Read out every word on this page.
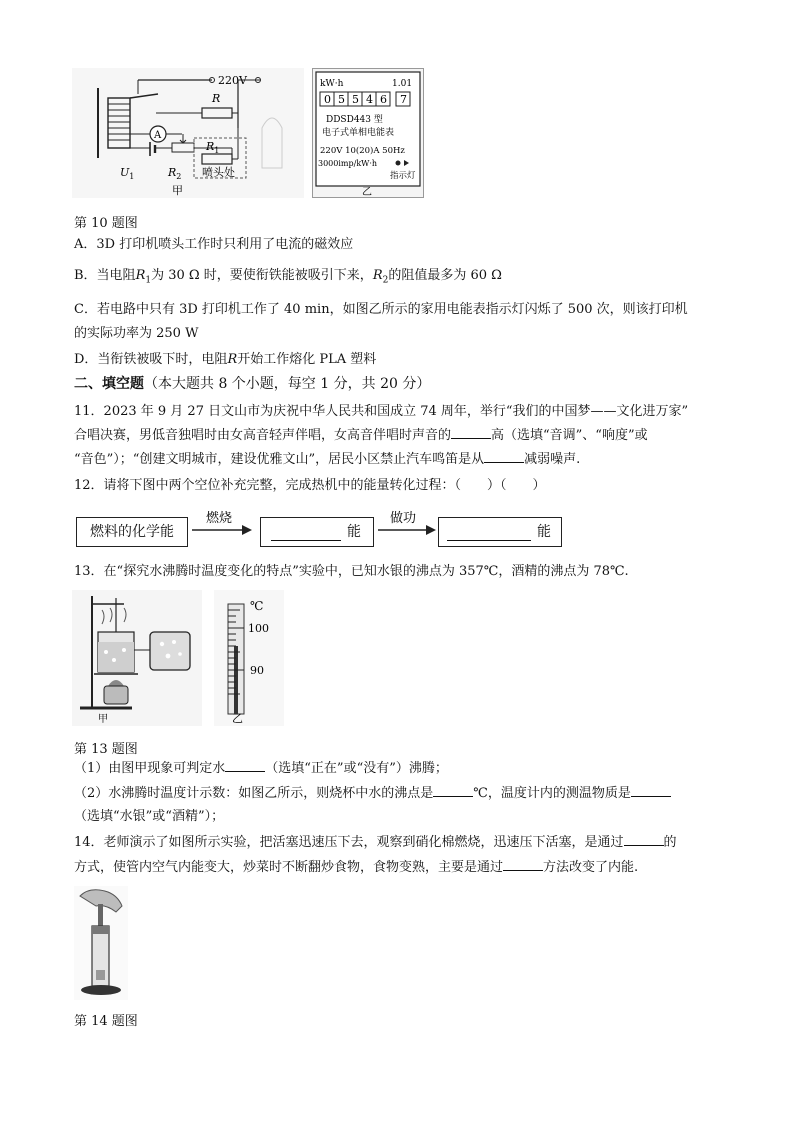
220V
R
A
$R_1$
$U_1$	$R_2$ 喷头处
甲
kW·h	1.01
0 5 5 4 6 7
DDSD443 型
电子式单相电能表
220V 10(20)A 50Hz
3000imp/kW·h
指示灯
乙
第 10 题图
A．3D 打印机喷头工作时只利用了电流的磁效应
B．当电阻$R_1$为 30 Ω 时，要使衔铁能被吸引下来，$R_2$的阻值最多为 60 Ω
C．若电路中只有 3D 打印机工作了 40 min，如图乙所示的家用电能表指示灯闪烁了 500 次，则该打印机
的实际功率为 250 W
D．当衔铁被吸下时，电阻R开始工作熔化 PLA 塑料
二、填空题（本大题共 8 个小题，每空 1 分，共 20 分）
11．2023 年 9 月 27 日文山市为庆祝中华人民共和国成立 74 周年，举行“我们的中国梦——文化进万家”
合唱决赛，男低音独唱时由女高音轻声伴唱，女高音伴唱时声音的	高（选填“音调”、“响度”或
“音色”）；“创建文明城市，建设优雅文山”，居民小区禁止汽车鸣笛是从	减弱噪声.
12．请将下图中两个空位补充完整，完成热机中的能量转化过程：（　　）（　　）
燃料的化学能
燃烧
能
做功
能
13．在“探究水沸腾时温度变化的特点”实验中，已知水银的沸点为 357℃，酒精的沸点为 78℃.
甲
℃
100
90
乙
第 13 题图
（1）由图甲现象可判定水	（选填“正在”或“没有”）沸腾；
（2）水沸腾时温度计示数：如图乙所示，则烧杯中水的沸点是	℃，温度计内的测温物质是
（选填“水银”或“酒精”）；
14．老师演示了如图所示实验，把活塞迅速压下去，观察到硝化棉燃烧，迅速压下活塞，是通过	的
方式，使管内空气内能变大，炒菜时不断翻炒食物，食物变熟，主要是通过	方法改变了内能.
第 14 题图
